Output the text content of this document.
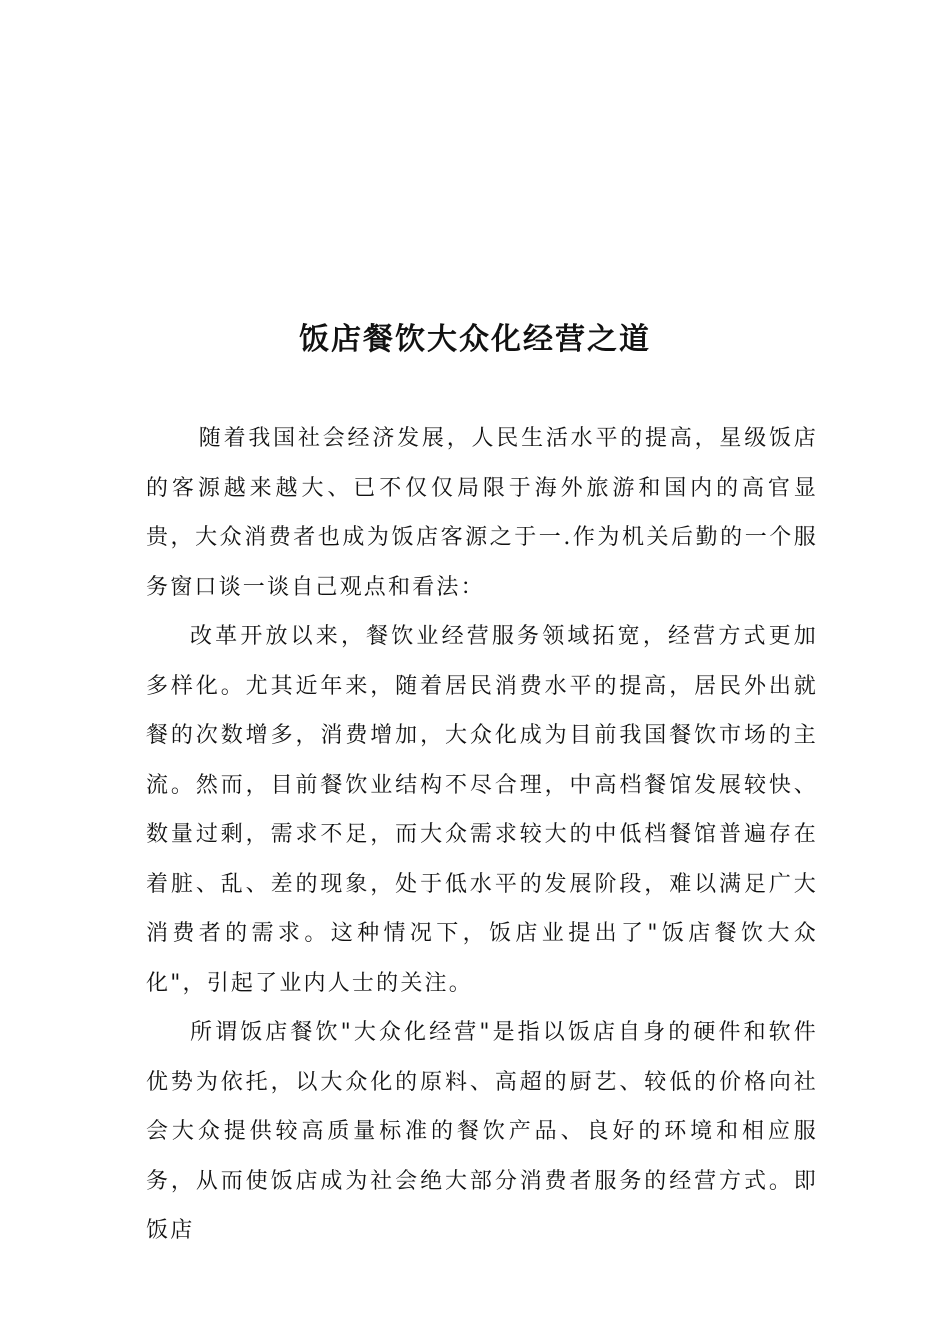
饭店餐饮大众化经营之道

随着我国社会经济发展，人民生活水平的提高，星级饭店的客源越来越大、已不仅仅局限于海外旅游和国内的高官显贵，大众消费者也成为饭店客源之于一.作为机关后勤的一个服务窗口谈一谈自己观点和看法：

改革开放以来，餐饮业经营服务领域拓宽，经营方式更加多样化。尤其近年来，随着居民消费水平的提高，居民外出就餐的次数增多，消费增加，大众化成为目前我国餐饮市场的主流。然而，目前餐饮业结构不尽合理，中高档餐馆发展较快、数量过剩，需求不足，而大众需求较大的中低档餐馆普遍存在着脏、乱、差的现象，处于低水平的发展阶段，难以满足广大消费者的需求。这种情况下，饭店业提出了"饭店餐饮大众化"，引起了业内人士的关注。

所谓饭店餐饮"大众化经营"是指以饭店自身的硬件和软件优势为依托，以大众化的原料、高超的厨艺、较低的价格向社会大众提供较高质量标准的餐饮产品、良好的环境和相应服务，从而使饭店成为社会绝大部分消费者服务的经营方式。即饭店
